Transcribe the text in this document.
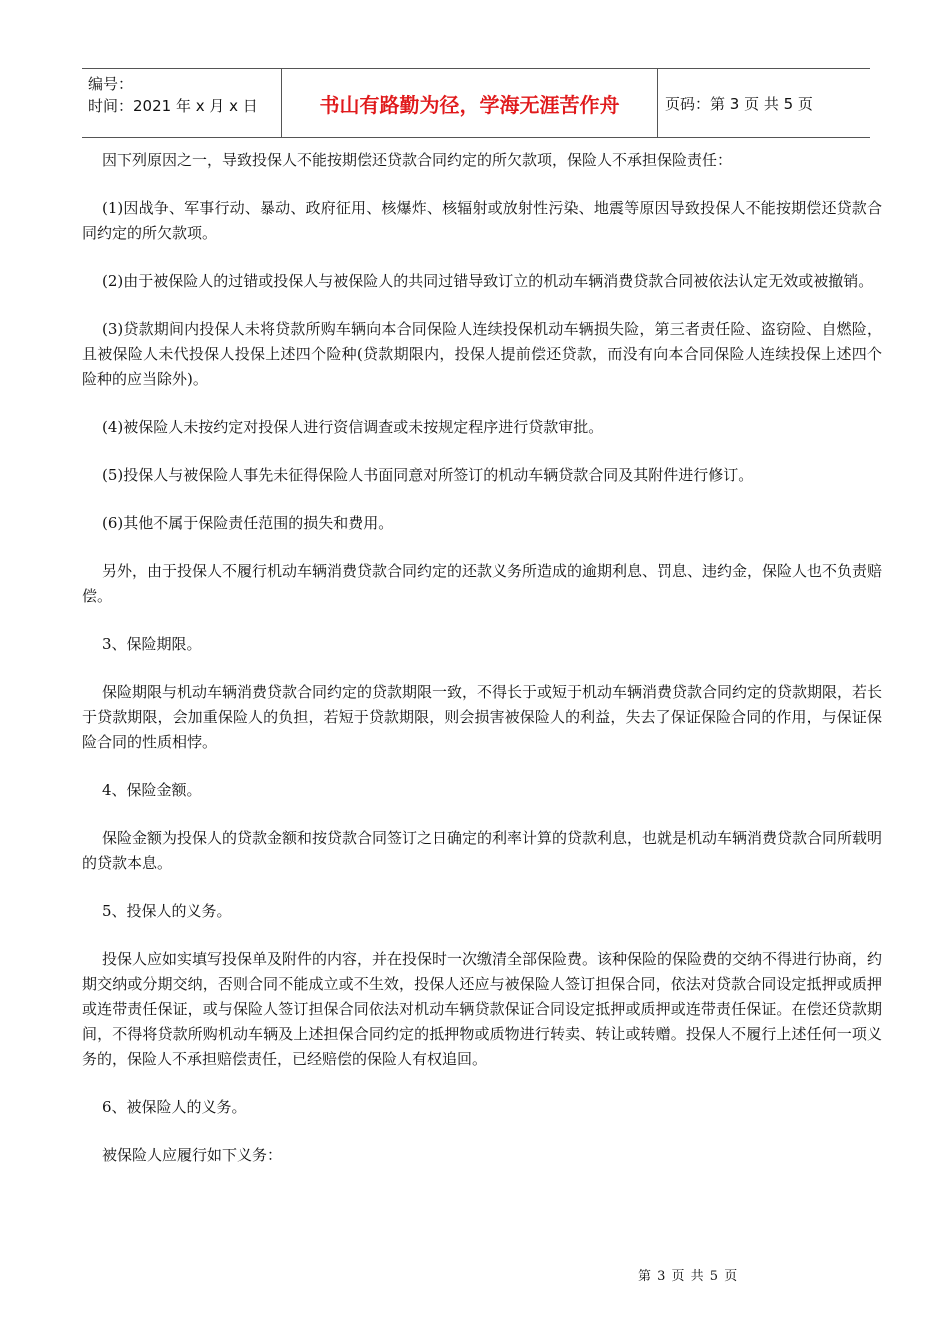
编号：
时间：2021 年 x 月 x 日	书山有路勤为径，学海无涯苦作舟	页码：第 3 页 共 5 页

因下列原因之一，导致投保人不能按期偿还贷款合同约定的所欠款项，保险人不承担保险责任：

(1)因战争、军事行动、暴动、政府征用、核爆炸、核辐射或放射性污染、地震等原因导致投保人不能按期偿还贷款合同约定的所欠款项。

(2)由于被保险人的过错或投保人与被保险人的共同过错导致订立的机动车辆消费贷款合同被依法认定无效或被撤销。

(3)贷款期间内投保人未将贷款所购车辆向本合同保险人连续投保机动车辆损失险，第三者责任险、盗窃险、自燃险，且被保险人未代投保人投保上述四个险种(贷款期限内，投保人提前偿还贷款，而没有向本合同保险人连续投保上述四个险种的应当除外)。

(4)被保险人未按约定对投保人进行资信调查或未按规定程序进行贷款审批。

(5)投保人与被保险人事先未征得保险人书面同意对所签订的机动车辆贷款合同及其附件进行修订。

(6)其他不属于保险责任范围的损失和费用。

另外，由于投保人不履行机动车辆消费贷款合同约定的还款义务所造成的逾期利息、罚息、违约金，保险人也不负责赔偿。

3、保险期限。

保险期限与机动车辆消费贷款合同约定的贷款期限一致，不得长于或短于机动车辆消费贷款合同约定的贷款期限，若长于贷款期限，会加重保险人的负担，若短于贷款期限，则会损害被保险人的利益，失去了保证保险合同的作用，与保证保险合同的性质相悖。

4、保险金额。

保险金额为投保人的贷款金额和按贷款合同签订之日确定的利率计算的贷款利息，也就是机动车辆消费贷款合同所载明的贷款本息。

5、投保人的义务。

投保人应如实填写投保单及附件的内容，并在投保时一次缴清全部保险费。该种保险的保险费的交纳不得进行协商，约期交纳或分期交纳，否则合同不能成立或不生效，投保人还应与被保险人签订担保合同，依法对贷款合同设定抵押或质押或连带责任保证，或与保险人签订担保合同依法对机动车辆贷款保证合同设定抵押或质押或连带责任保证。在偿还贷款期间，不得将贷款所购机动车辆及上述担保合同约定的抵押物或质物进行转卖、转让或转赠。投保人不履行上述任何一项义务的，保险人不承担赔偿责任，已经赔偿的保险人有权追回。

6、被保险人的义务。

被保险人应履行如下义务：

第 3 页 共 5 页
